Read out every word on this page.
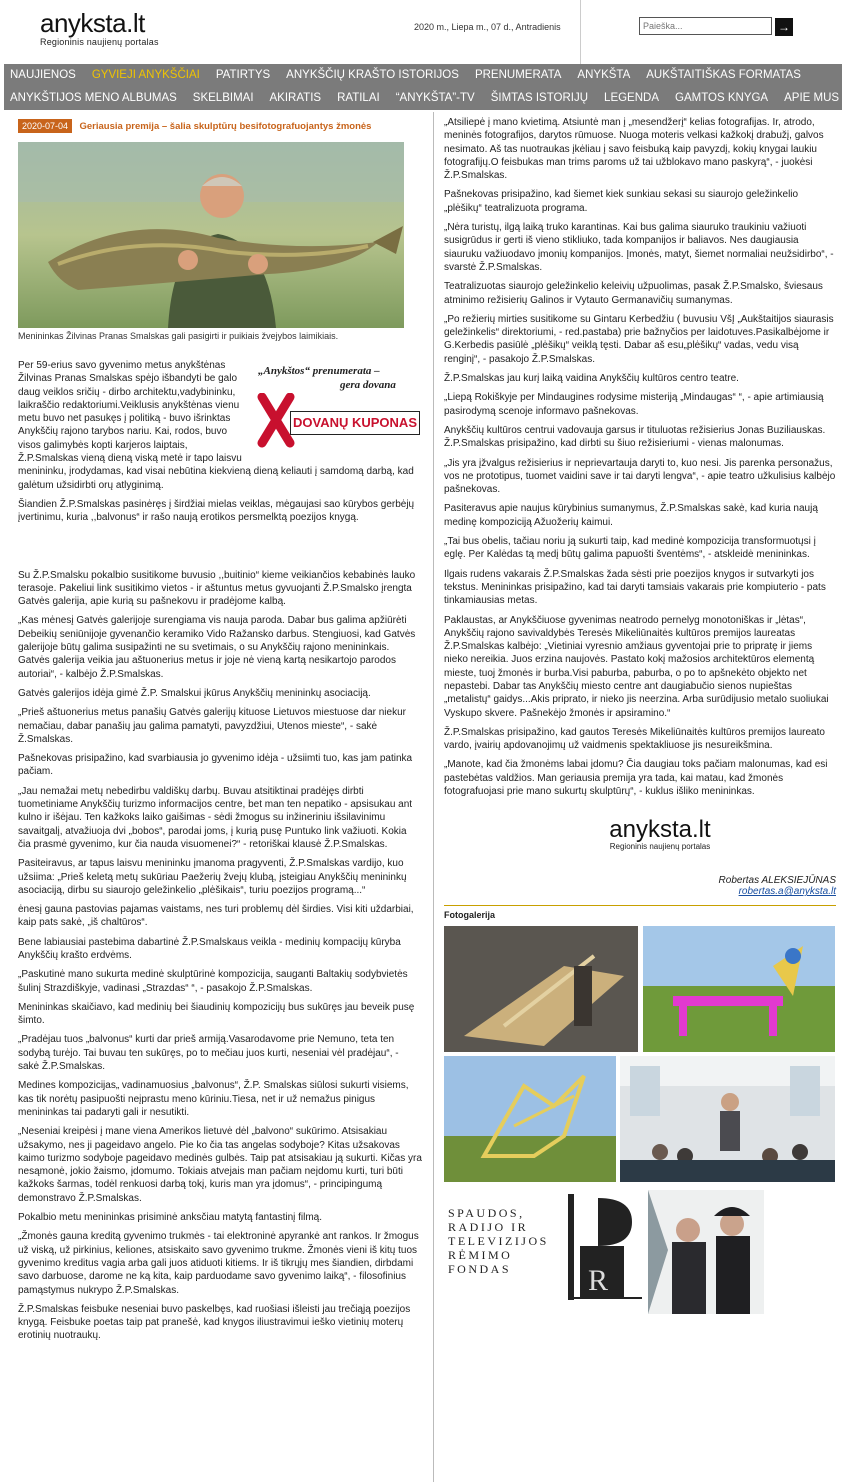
anyksta.lt
Regioninis naujienų portalas
2020 m., Liepa m., 07 d., Antradienis
Paieška...	→
NAUJIENOS GYVIEJI ANYKŠČIAI PATIRTYS ANYKŠČIŲ KRAŠTO ISTORIJOS PRENUMERATA ANYKŠTA AUKŠTAITIŠKAS FORMATAS
ANYKŠTIJOS MENO ALBUMAS SKELBIMAI AKIRATIS RATILAI “ANYKŠTA”-TV ŠIMTAS ISTORIJŲ LEGENDA GAMTOS KNYGA APIE MUS
2020-07-04 Geriausia premija – šalia skulptūrų besifotografuojantys žmonės
Menininkas Žilvinas Pranas Smalskas gali pasigirti ir puikiais žvejybos laimikiais.
„Anykštos“ prenumerata –
gera dovana
DOVANŲ KUPONAS

Per 59-erius savo gyvenimo metus anykštėnas Žilvinas Pranas Smalskas spėjo išbandyti be galo daug veiklos sričių - dirbo architektu,vadybininku, laikraščio redaktoriumi.Veiklusis anykštėnas vienu metu buvo net pasukęs į politiką - buvo išrinktas Anykščių rajono tarybos nariu. Kai, rodos, buvo visos galimybės kopti karjeros laiptais, Ž.P.Smalskas vieną dieną viską metė ir tapo laisvu menininku, įrodydamas, kad visai nebūtina kiekvieną dieną keliauti į samdomą darbą, kad galėtum užsidirbti orų atlyginimą.

Šiandien Ž.P.Smalskas pasinėręs į širdžiai mielas veiklas, mėgaujasi sao kūrybos gerbėjų įvertinimu, kuria ,,balvonus“ ir rašo naują erotikos persmelktą poezijos knygą.

Su Ž.P.Smalsku pokalbio susitikome buvusio ,,buitinio“ kieme veikiančios kebabinės lauko terasoje. Pakeliui link susitikimo vietos - ir aštuntus metus gyvuojanti Ž.P.Smalsko įrengta Gatvės galerija, apie kurią su pašnekovu ir pradėjome kalbą.

„Kas mėnesį Gatvės galerijoje surengiama vis nauja paroda. Dabar bus galima apžiūrėti Debeikių seniūnijoje gyvenančio keramiko Vido Ražansko darbus. Stengiuosi, kad Gatvės galerijoje būtų galima susipažinti ne su svetimais, o su Anykščių rajono menininkais. Gatvės galerija veikia jau aštuonerius metus ir joje nė vieną kartą nesikartojo parodos autoriai“, - kalbėjo Ž.P.Smalskas.

Gatvės galerijos idėja gimė Ž.P. Smalskui įkūrus Anykščių menininkų asociaciją.

„Prieš aštuonerius metus panašių Gatvės galerijų kituose Lietuvos miestuose dar niekur nemačiau, dabar panašių jau galima pamatyti, pavyzdžiui, Utenos mieste“, - sakė Ž.Smalskas.

Pašnekovas prisipažino, kad svarbiausia jo gyvenimo idėja - užsiimti tuo, kas jam patinka pačiam.

„Jau nemažai metų nebedirbu valdiškų darbų. Buvau atsitiktinai pradėjęs dirbti tuometiniame Anykščių turizmo informacijos centre, bet man ten nepatiko - apsisukau ant kulno ir išėjau. Ten kažkoks laiko gaišimas - sėdi žmogus su inžineriniu išsilavinimu savaitgalį, atvažiuoja dvi „bobos“, parodai joms, į kurią pusę Puntuko link važiuoti. Kokia čia prasmė gyvenimo, kur čia nauda visuomenei?“ - retoriškai klausė Ž.P.Smalskas.

Pasiteiravus, ar tapus laisvu menininku įmanoma pragyventi, Ž.P.Smalskas vardijo, kuo užsiima: „Prieš keletą metų sukūriau Paežerių žvejų klubą, įsteigiau Anykščių menininkų asociaciją, dirbu su siaurojo geležinkelio „plėšikais“, turiu poezijos programą...“

ėnesį gauna pastovias pajamas vaistams, nes turi problemų dėl širdies. Visi kiti uždarbiai, kaip pats sakė, „iš chaltūros“.

Bene labiausiai pastebima dabartinė Ž.P.Smalskaus veikla - medinių kompacijų kūryba Anykščių krašto erdvėms.

„Paskutinė mano sukurta medinė skulptūrinė kompozicija, sauganti Baltakių sodybvietės šulinį Strazdiškyje, vadinasi „Strazdas“ “, - pasakojo Ž.P.Smalskas.

Menininkas skaičiavo, kad medinių bei šiaudinių kompozicijų bus sukūręs jau beveik pusę šimto.

„Pradėjau tuos „balvonus“ kurti dar prieš armiją.Vasarodavome prie Nemuno, teta ten sodybą turėjo. Tai buvau ten sukūręs, po to mečiau juos kurti, neseniai vėl pradėjau“, - sakė Ž.P.Smalskas.

Medines kompozicijas„ vadinamuosius „balvonus“, Ž.P. Smalskas siūlosi sukurti visiems, kas tik norėtų pasipuošti neįprastu meno kūriniu.Tiesa, net ir už nemažus pinigus menininkas tai padaryti gali ir nesutikti.

„Neseniai kreipėsi į mane viena Amerikos lietuvė dėl „balvono“ sukūrimo. Atsisakiau užsakymo, nes ji pageidavo angelo. Pie ko čia tas angelas sodyboje? Kitas užsakovas kaimo turizmo sodyboje pageidavo medinės gulbės. Taip pat atsisakiau ją sukurti. Kičas yra nesąmonė, jokio žaismo, įdomumo. Tokiais atvejais man pačiam neįdomu kurti, turi būti kažkoks šarmas, todėl renkuosi darbą tokį, kuris man yra įdomus“, - principingumą demonstravo Ž.P.Smalskas.

Pokalbio metu menininkas prisiminė anksčiau matytą fantastinį filmą.

„Žmonės gauna kreditą gyvenimo trukmės - tai elektroninė apyrankė ant rankos. Ir žmogus už viską, už pirkinius, keliones, atsiskaito savo gyvenimo trukme. Žmonės vieni iš kitų tuos gyvenimo kreditus vagia arba gali juos atiduoti kitiems. Ir iš tikrųjų mes šiandien, dirbdami savo darbuose, darome ne ką kita, kaip parduodame savo gyvenimo laiką“, - filosofinius pamąstymus nukrypo Ž.P.Smalskas.

Ž.P.Smalskas feisbuke neseniai buvo paskelbęs, kad ruošiasi išleisti jau trečiąją poezijos knygą. Feisbuke poetas taip pat pranešė, kad knygos iliustravimui ieško vietinių moterų erotinių nuotraukų.

„Atsiliepė į mano kvietimą. Atsiuntė man į „mesendžerį“ kelias fotografijas. Ir, atrodo, meninės fotografijos, darytos rūmuose. Nuoga moteris velkasi kažkokį drabužį, galvos nesimato. Aš tas nuotraukas įkėliau į savo feisbuką kaip pavyzdį, kokių knygai laukiu fotografijų.O feisbukas man trims paroms už tai užblokavo mano paskyrą“, - juokėsi Ž.P.Smalskas.

Pašnekovas prisipažino, kad šiemet kiek sunkiau sekasi su siaurojo geležinkelio „plėšikų“ teatralizuota programa.

„Nėra turistų, ilgą laiką truko karantinas. Kai bus galima siauruko traukiniu važiuoti susigrūdus ir gerti iš vieno stikliuko, tada kompanijos ir baliavos. Nes daugiausia siauruku važiuodavo įmonių kompanijos. Įmonės, matyt, šiemet normaliai neužsidirbo“, - svarstė Ž.P.Smalskas.

Teatralizuotas siaurojo geležinkelio keleivių užpuolimas, pasak Ž.P.Smalsko, šviesaus atminimo režisierių Galinos ir Vytauto Germanavičių sumanymas.

„Po režierių mirties susitikome su Gintaru Kerbedžiu ( buvusiu VšĮ „Aukštaitijos siaurasis geležinkelis“ direktoriumi, - red.pastaba) prie bažnyčios per laidotuves.Pasikalbėjome ir G.Kerbedis pasiūlė „plėšikų“ veiklą tęsti. Dabar aš esu„plėšikų“ vadas, vedu visą renginį“, - pasakojo Ž.P.Smalskas.

Ž.P.Smalskas jau kurį laiką vaidina Anykščių kultūros centro teatre.

„Liepą Rokiškyje per Mindaugines rodysime misteriją „Mindaugas“ “, - apie artimiausią pasirodymą scenoje informavo pašnekovas.

Anykščių kultūros centrui vadovauja garsus ir tituluotas režisierius Jonas Buziliauskas. Ž.P.Smalskas prisipažino, kad dirbti su šiuo režisieriumi - vienas malonumas.

„Jis yra įžvalgus režisierius ir neprievartauja daryti to, kuo nesi. Jis parenka personažus, vos ne prototipus, tuomet vaidini save ir tai daryti lengva“, - apie teatro užkulisius kalbėjo pašnekovas.

Pasiteravus apie naujus kūrybinius sumanymus, Ž.P.Smalskas sakė, kad kuria naują medinę kompoziciją Ažuožerių kaimui.

„Tai bus obelis, tačiau noriu ją sukurti taip, kad medinė kompozicija transformuotųsi į eglę. Per Kalėdas tą medį būtų galima papuošti šventėms“, - atskleidė menininkas.

Ilgais rudens vakarais Ž.P.Smalskas žada sėsti prie poezijos knygos ir sutvarkyti jos tekstus. Menininkas prisipažino, kad tai daryti tamsiais vakarais prie kompiuterio - pats tinkamiausias metas.

Paklaustas, ar Anykščiuose gyvenimas neatrodo pernelyg monotoniškas ir „lėtas“, Anykščių rajono savivaldybės Teresės Mikeliūnaitės kultūros premijos laureatas Ž.P.Smalskas kalbėjo: „Vietiniai vyresnio amžiaus gyventojai prie to pripratę ir jiems nieko nereikia. Juos erzina naujovės. Pastato kokį mažosios architektūros elementą mieste, tuoj žmonės ir burba.Visi paburba, paburba, o po to apšnekėto objekto net nepastebi. Dabar tas Anykščių miesto centre ant daugiabučio sienos nupieštas „metalistų“ gaidys...Akis priprato, ir nieko jis neerzina. Arba surūdijusio metalo suoliukai Vyskupo skvere. Pašnekėjo žmonės ir apsiramino.“

Ž.P.Smalskas prisipažino, kad gautos Teresės Mikeliūnaitės kultūros premijos laureato vardo, įvairių apdovanojimų už vaidmenis spektakliuose jis nesureikšmina.

„Manote, kad čia žmonėms labai įdomu? Čia daugiau toks pačiam malonumas, kad esi pastebėtas valdžios. Man geriausia premija yra tada, kai matau, kad žmonės fotografuojasi prie mano sukurtų skulptūrų“, - kuklus išliko menininkas.

anyksta.lt
Regioninis naujienų portalas
Robertas ALEKSIEJŪNAS
robertas.a@anyksta.lt
Fotogalerija
SPAUDOS,
RADIJO IR
TELEVIZIJOS
RĖMIMO
FONDAS	R
